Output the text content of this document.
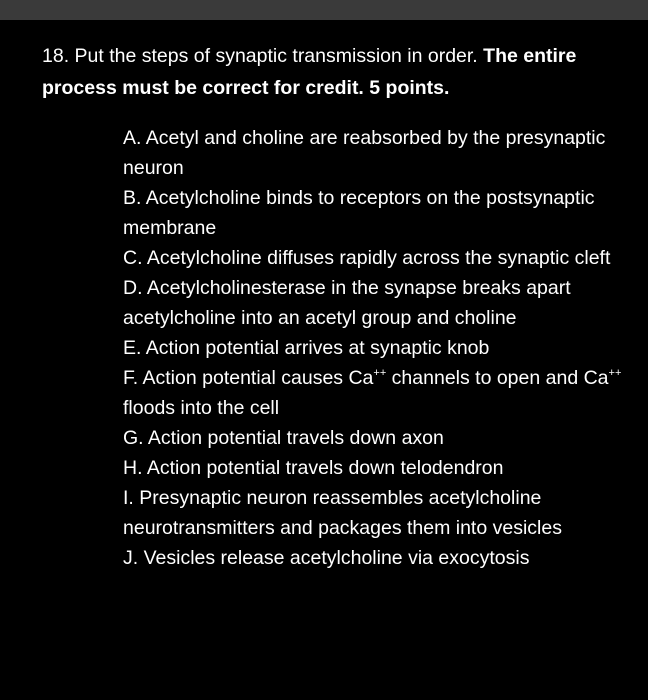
18. Put the steps of synaptic transmission in order. The entire process must be correct for credit. 5 points.

A. Acetyl and choline are reabsorbed by the presynaptic neuron

B. Acetylcholine binds to receptors on the postsynaptic membrane

C. Acetylcholine diffuses rapidly across the synaptic cleft

D. Acetylcholinesterase in the synapse breaks apart acetylcholine into an acetyl group and choline

E. Action potential arrives at synaptic knob

F. Action potential causes Ca++ channels to open and Ca++ floods into the cell

G. Action potential travels down axon

H. Action potential travels down telodendron

I. Presynaptic neuron reassembles acetylcholine neurotransmitters and packages them into vesicles

J. Vesicles release acetylcholine via exocytosis
